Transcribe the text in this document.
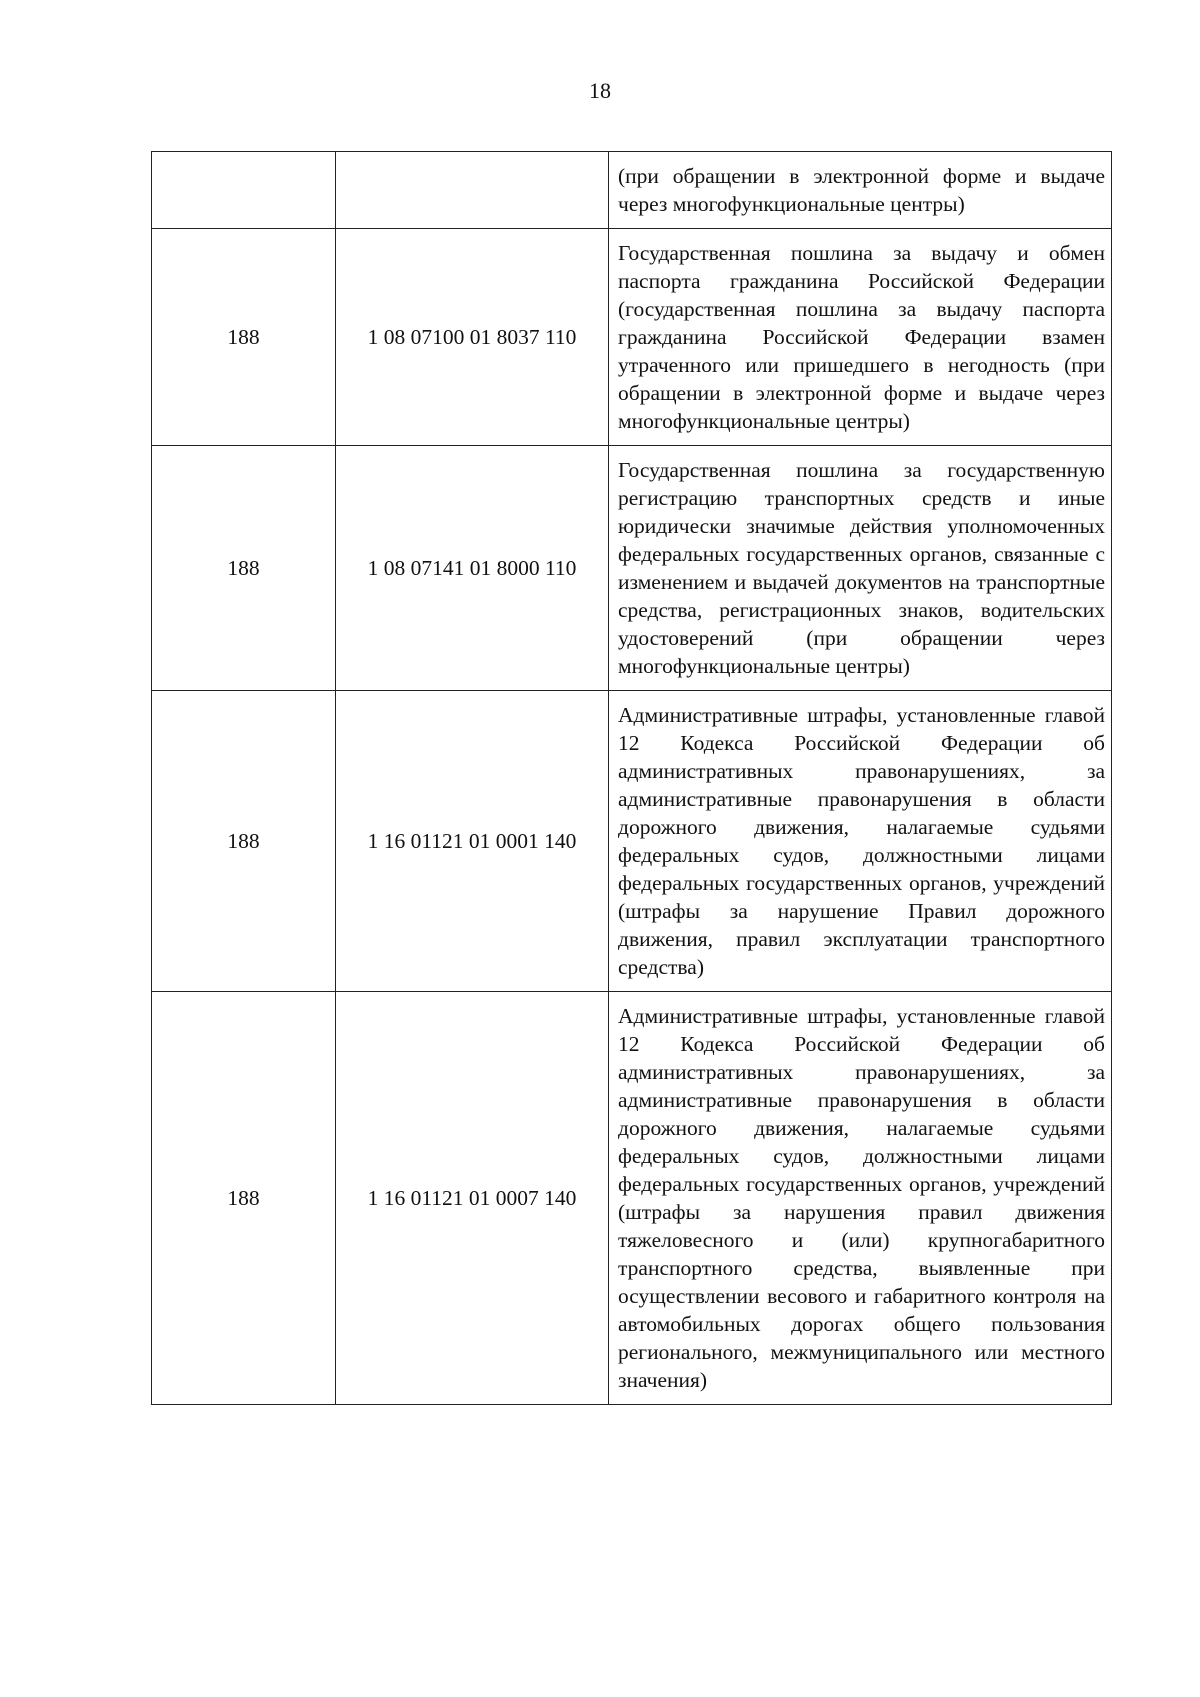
18

		(при обращении в электронной форме и выдаче через многофункциональные центры)

188	1 08 07100 01 8037 110	Государственная пошлина за выдачу и обмен паспорта гражданина Российской Федерации (государственная пошлина за выдачу паспорта гражданина Российской Федерации взамен утраченного или пришедшего в негодность (при обращении в электронной форме и выдаче через многофункциональные центры)

188	1 08 07141 01 8000 110	Государственная пошлина за государственную регистрацию транспортных средств и иные юридически значимые действия уполномоченных федеральных государственных органов, связанные с изменением и выдачей документов на транспортные средства, регистрационных знаков, водительских удостоверений (при обращении через многофункциональные центры)

188	1 16 01121 01 0001 140	Административные штрафы, установленные главой 12 Кодекса Российской Федерации об административных правонарушениях, за административные правонарушения в области дорожного движения, налагаемые судьями федеральных судов, должностными лицами федеральных государственных органов, учреждений (штрафы за нарушение Правил дорожного движения, правил эксплуатации транспортного средства)

188	1 16 01121 01 0007 140	Административные штрафы, установленные главой 12 Кодекса Российской Федерации об административных правонарушениях, за административные правонарушения в области дорожного движения, налагаемые судьями федеральных судов, должностными лицами федеральных государственных органов, учреждений (штрафы за нарушения правил движения тяжеловесного и (или) крупногабаритного транспортного средства, выявленные при осуществлении весового и габаритного контроля на автомобильных дорогах общего пользования регионального, межмуниципального или местного значения)
